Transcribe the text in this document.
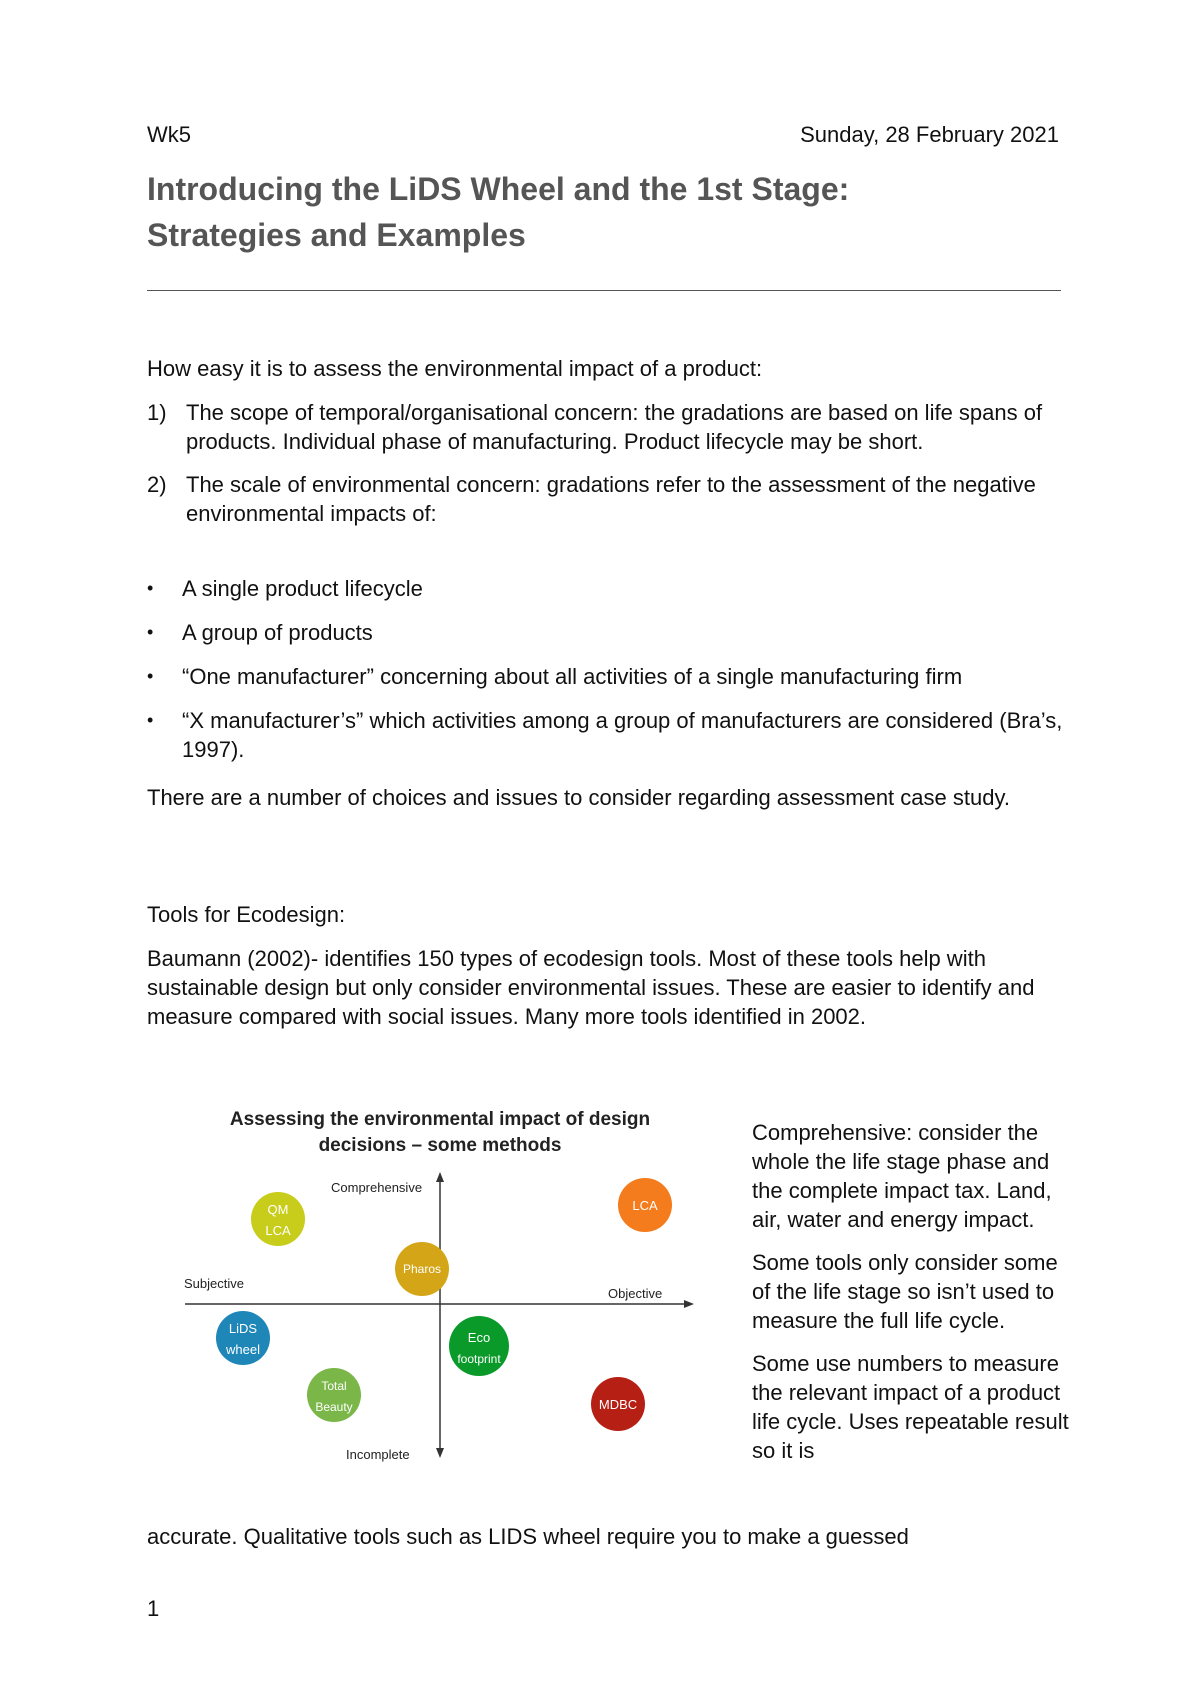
Wk5	Sunday, 28 February 2021
Introducing the LiDS Wheel and the 1st Stage:
Strategies and Examples
How easy it is to assess the environmental impact of a product:
1) The scope of temporal/organisational concern: the gradations are based on life spans of products. Individual phase of manufacturing. Product lifecycle may be short.
2) The scale of environmental concern: gradations refer to the assessment of the negative environmental impacts of:
• A single product lifecycle
• A group of products
• “One manufacturer” concerning about all activities of a single manufacturing firm
• “X manufacturer’s” which activities among a group of manufacturers are considered (Bra’s, 1997).
There are a number of choices and issues to consider regarding assessment case study.
Tools for Ecodesign:
Baumann (2002)- identifies 150 types of ecodesign tools. Most of these tools help with sustainable design but only consider environmental issues. These are easier to identify and measure compared with social issues. Many more tools identified in 2002.
Assessing the environmental impact of design
decisions – some methods
Comprehensive
Incomplete
Subjective
Objective
QM
LCA
LCA
Pharos
LiDS
wheel
Eco
footprint
Total
Beauty	MDBC

Comprehensive: consider the whole the life stage phase and the complete impact tax. Land, air, water and energy impact.

Some tools only consider some of the life stage so isn’t used to measure the full life cycle.

Some use numbers to measure the relevant impact of a product life cycle. Uses repeatable result so it is

accurate. Qualitative tools such as LIDS wheel require you to make a guessed
1
